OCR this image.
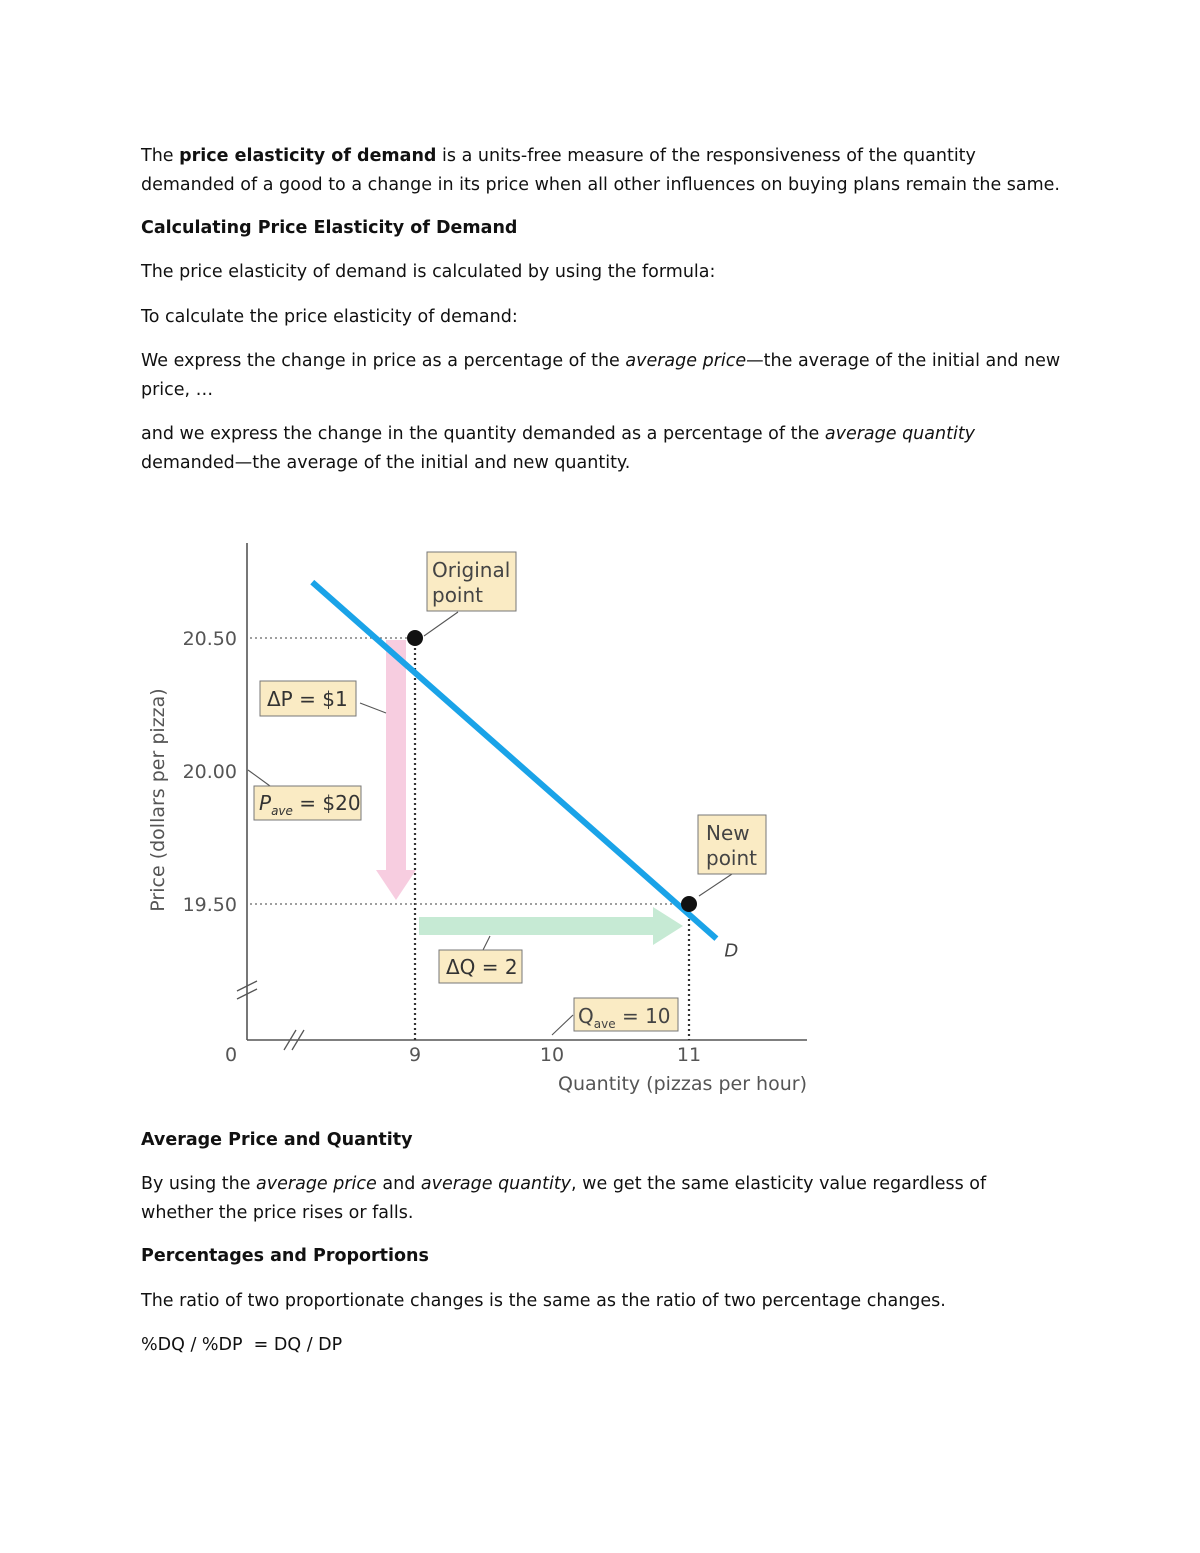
The price elasticity of demand is a units-free measure of the responsiveness of the quantity demanded of a good to a change in its price when all other influences on buying plans remain the same.

Calculating Price Elasticity of Demand

The price elasticity of demand is calculated by using the formula:

To calculate the price elasticity of demand:

We express the change in price as a percentage of the average price—the average of the initial and new price, …

and we express the change in the quantity demanded as a percentage of the average quantity demanded—the average of the initial and new quantity.

Price (dollars per pizza)
Quantity (pizzas per hour)
0
20.50
20.00
19.50
9	10	11
D
Original
point
New
point
ΔP = $1
$P_{ave}$ = $20
ΔQ = 2
$Q_{ave} = 10$

Average Price and Quantity

By using the average price and average quantity, we get the same elasticity value regardless of whether the price rises or falls.

Percentages and Proportions

The ratio of two proportionate changes is the same as the ratio of two percentage changes.

%DQ / %DP  = DQ / DP
